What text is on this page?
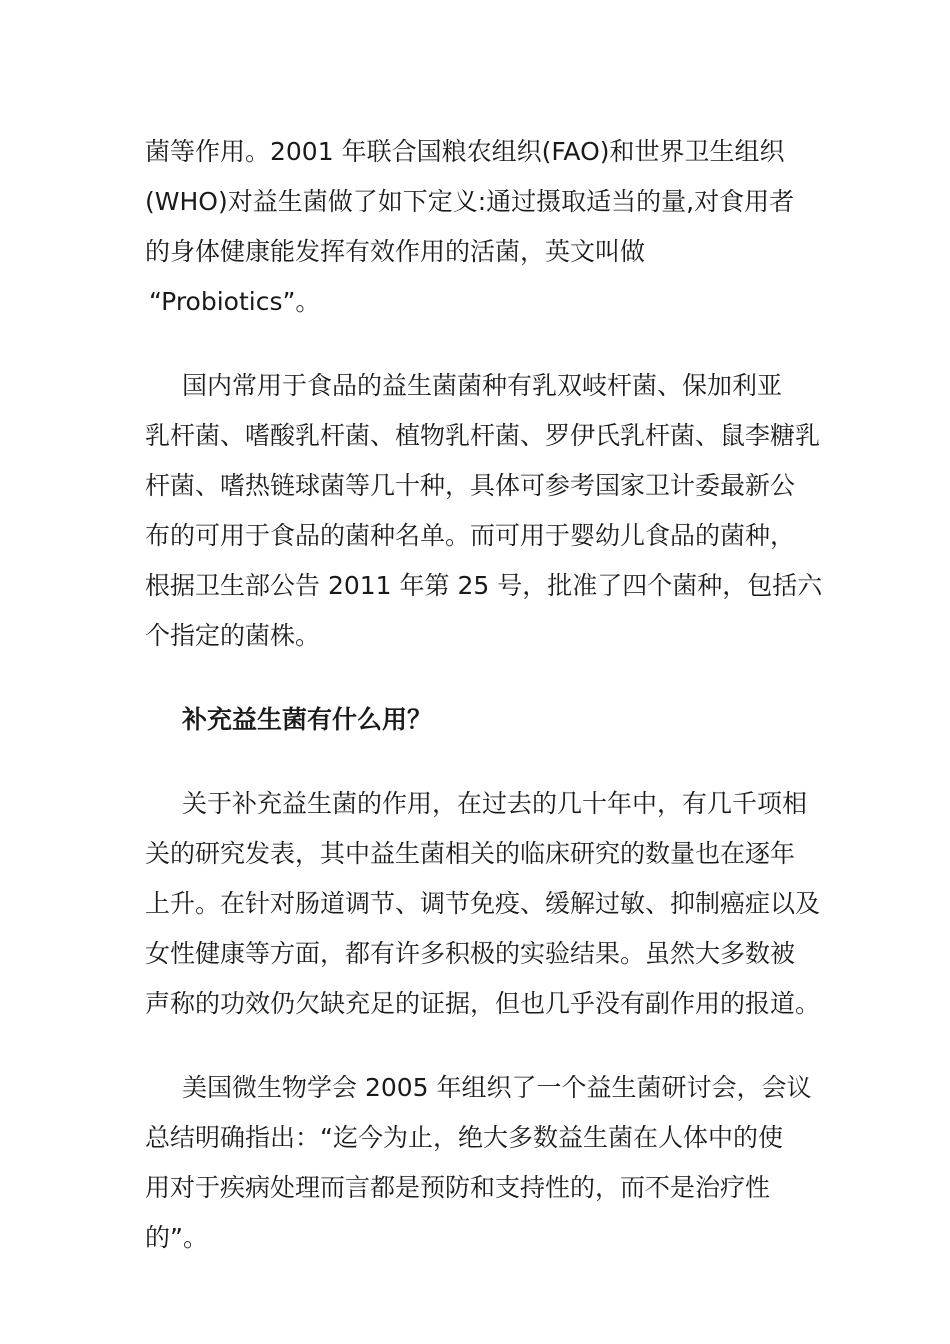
菌等作用。2001 年联合国粮农组织(FAO)和世界卫生组织
(WHO)对益生菌做了如下定义:通过摄取适当的量,对食用者
的身体健康能发挥有效作用的活菌，英文叫做
“Probiotics”。
国内常用于食品的益生菌菌种有乳双岐杆菌、保加利亚
乳杆菌、嗜酸乳杆菌、植物乳杆菌、罗伊氏乳杆菌、鼠李糖乳
杆菌、嗜热链球菌等几十种，具体可参考国家卫计委最新公
布的可用于食品的菌种名单。而可用于婴幼儿食品的菌种，
根据卫生部公告 2011 年第 25 号，批准了四个菌种，包括六
个指定的菌株。
补充益生菌有什么用？
关于补充益生菌的作用，在过去的几十年中，有几千项相
关的研究发表，其中益生菌相关的临床研究的数量也在逐年
上升。在针对肠道调节、调节免疫、缓解过敏、抑制癌症以及
女性健康等方面，都有许多积极的实验结果。虽然大多数被
声称的功效仍欠缺充足的证据，但也几乎没有副作用的报道。
美国微生物学会 2005 年组织了一个益生菌研讨会，会议
总结明确指出：“迄今为止，绝大多数益生菌在人体中的使
用对于疾病处理而言都是预防和支持性的，而不是治疗性
的”。
